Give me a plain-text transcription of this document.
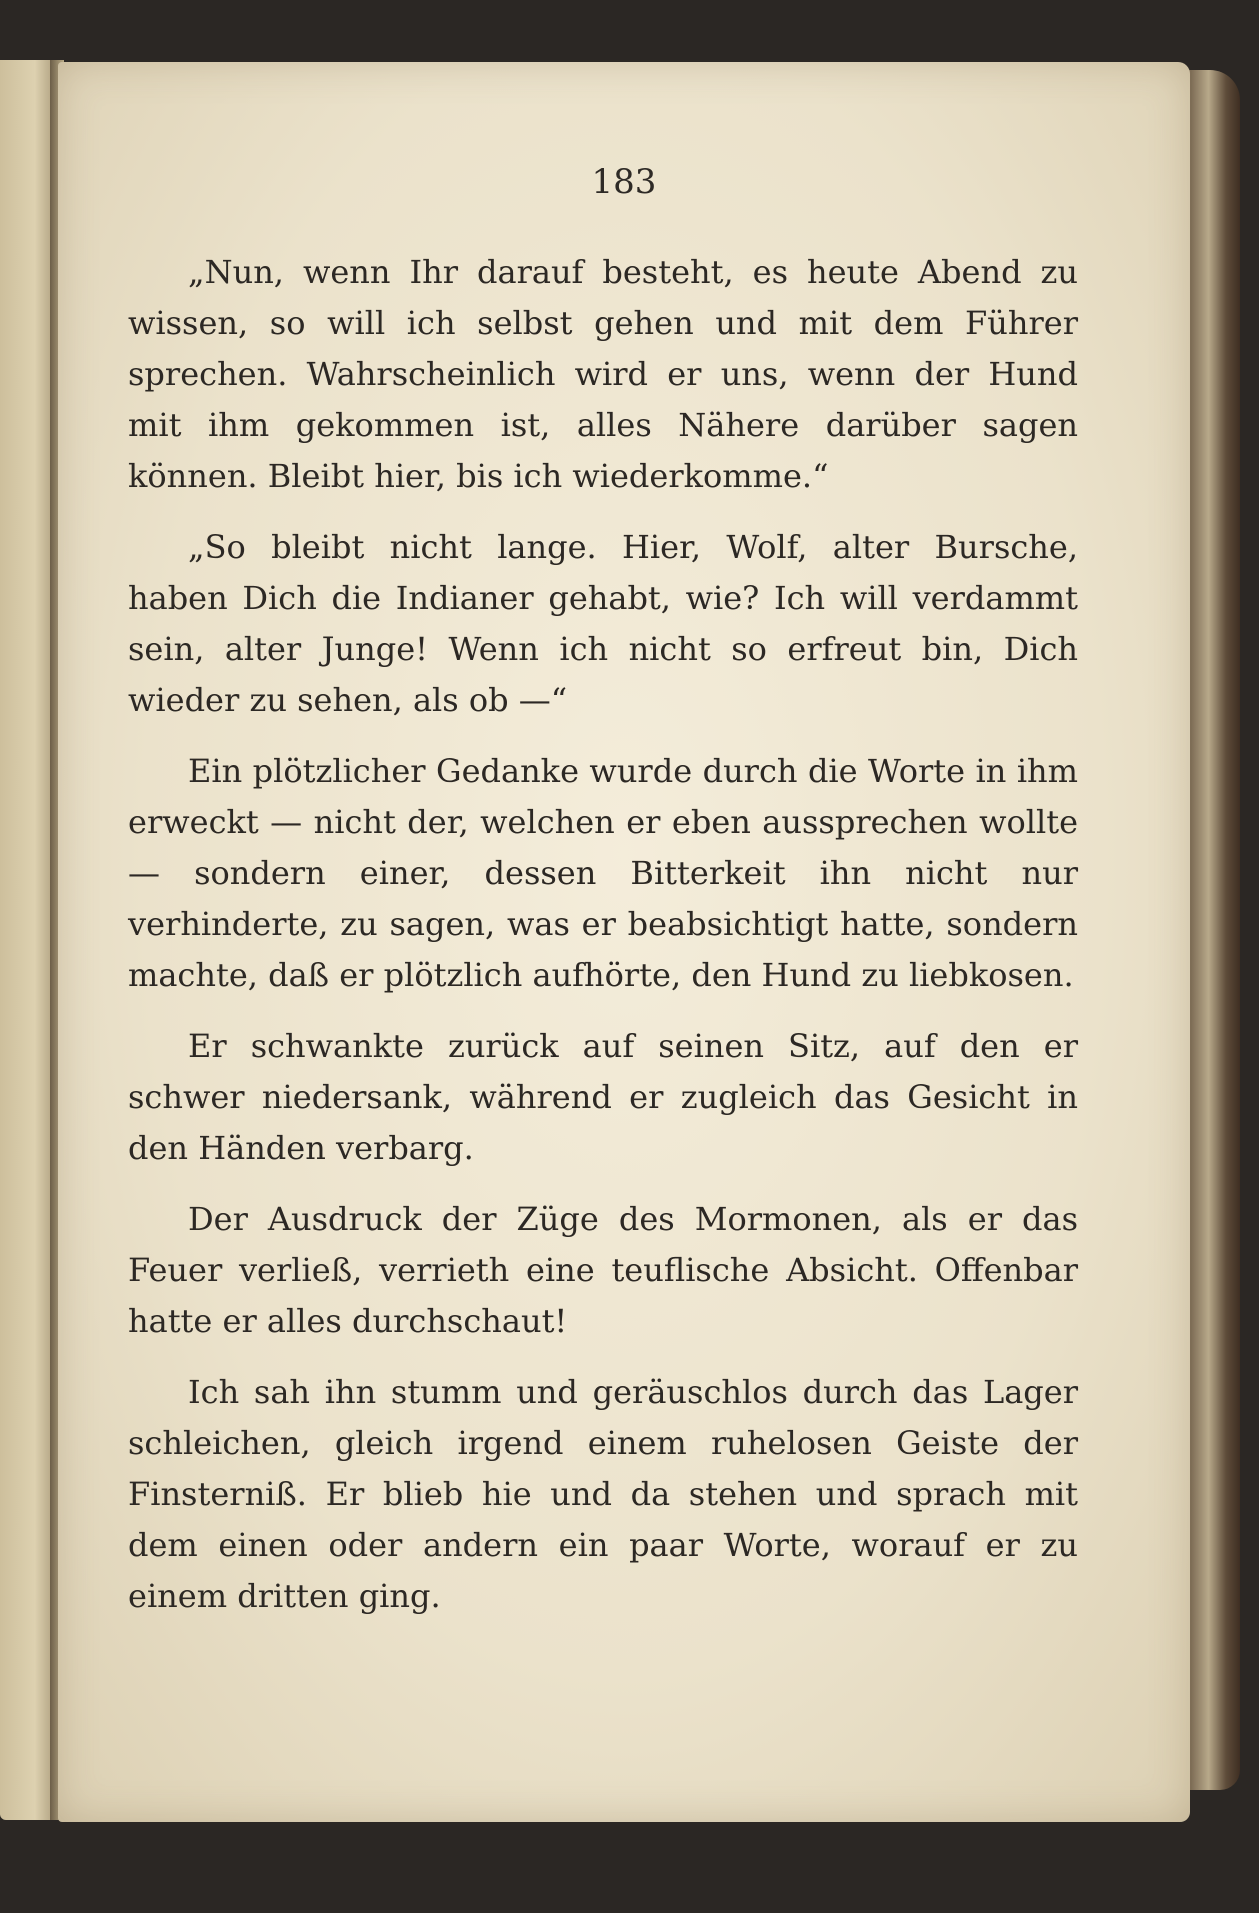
183

„Nun, wenn Ihr darauf besteht, es heute Abend zu wissen, so will ich selbst gehen und mit dem Führer sprechen. Wahrscheinlich wird er uns, wenn der Hund mit ihm gekommen ist, alles Nähere darüber sagen können. Bleibt hier, bis ich wiederkomme.“

„So bleibt nicht lange. Hier, Wolf, alter Bursche, haben Dich die Indianer gehabt, wie? Ich will verdammt sein, alter Junge! Wenn ich nicht so erfreut bin, Dich wieder zu sehen, als ob —“

Ein plötzlicher Gedanke wurde durch die Worte in ihm erweckt — nicht der, welchen er eben aussprechen wollte — sondern einer, dessen Bitterkeit ihn nicht nur verhinderte, zu sagen, was er beabsichtigt hatte, sondern machte, daß er plötzlich aufhörte, den Hund zu liebkosen.

Er schwankte zurück auf seinen Sitz, auf den er schwer niedersank, während er zugleich das Gesicht in den Händen verbarg.

Der Ausdruck der Züge des Mormonen, als er das Feuer verließ, verrieth eine teuflische Absicht. Offenbar hatte er alles durchschaut!

Ich sah ihn stumm und geräuschlos durch das Lager schleichen, gleich irgend einem ruhelosen Geiste der Finsterniß. Er blieb hie und da stehen und sprach mit dem einen oder andern ein paar Worte, worauf er zu einem dritten ging.
